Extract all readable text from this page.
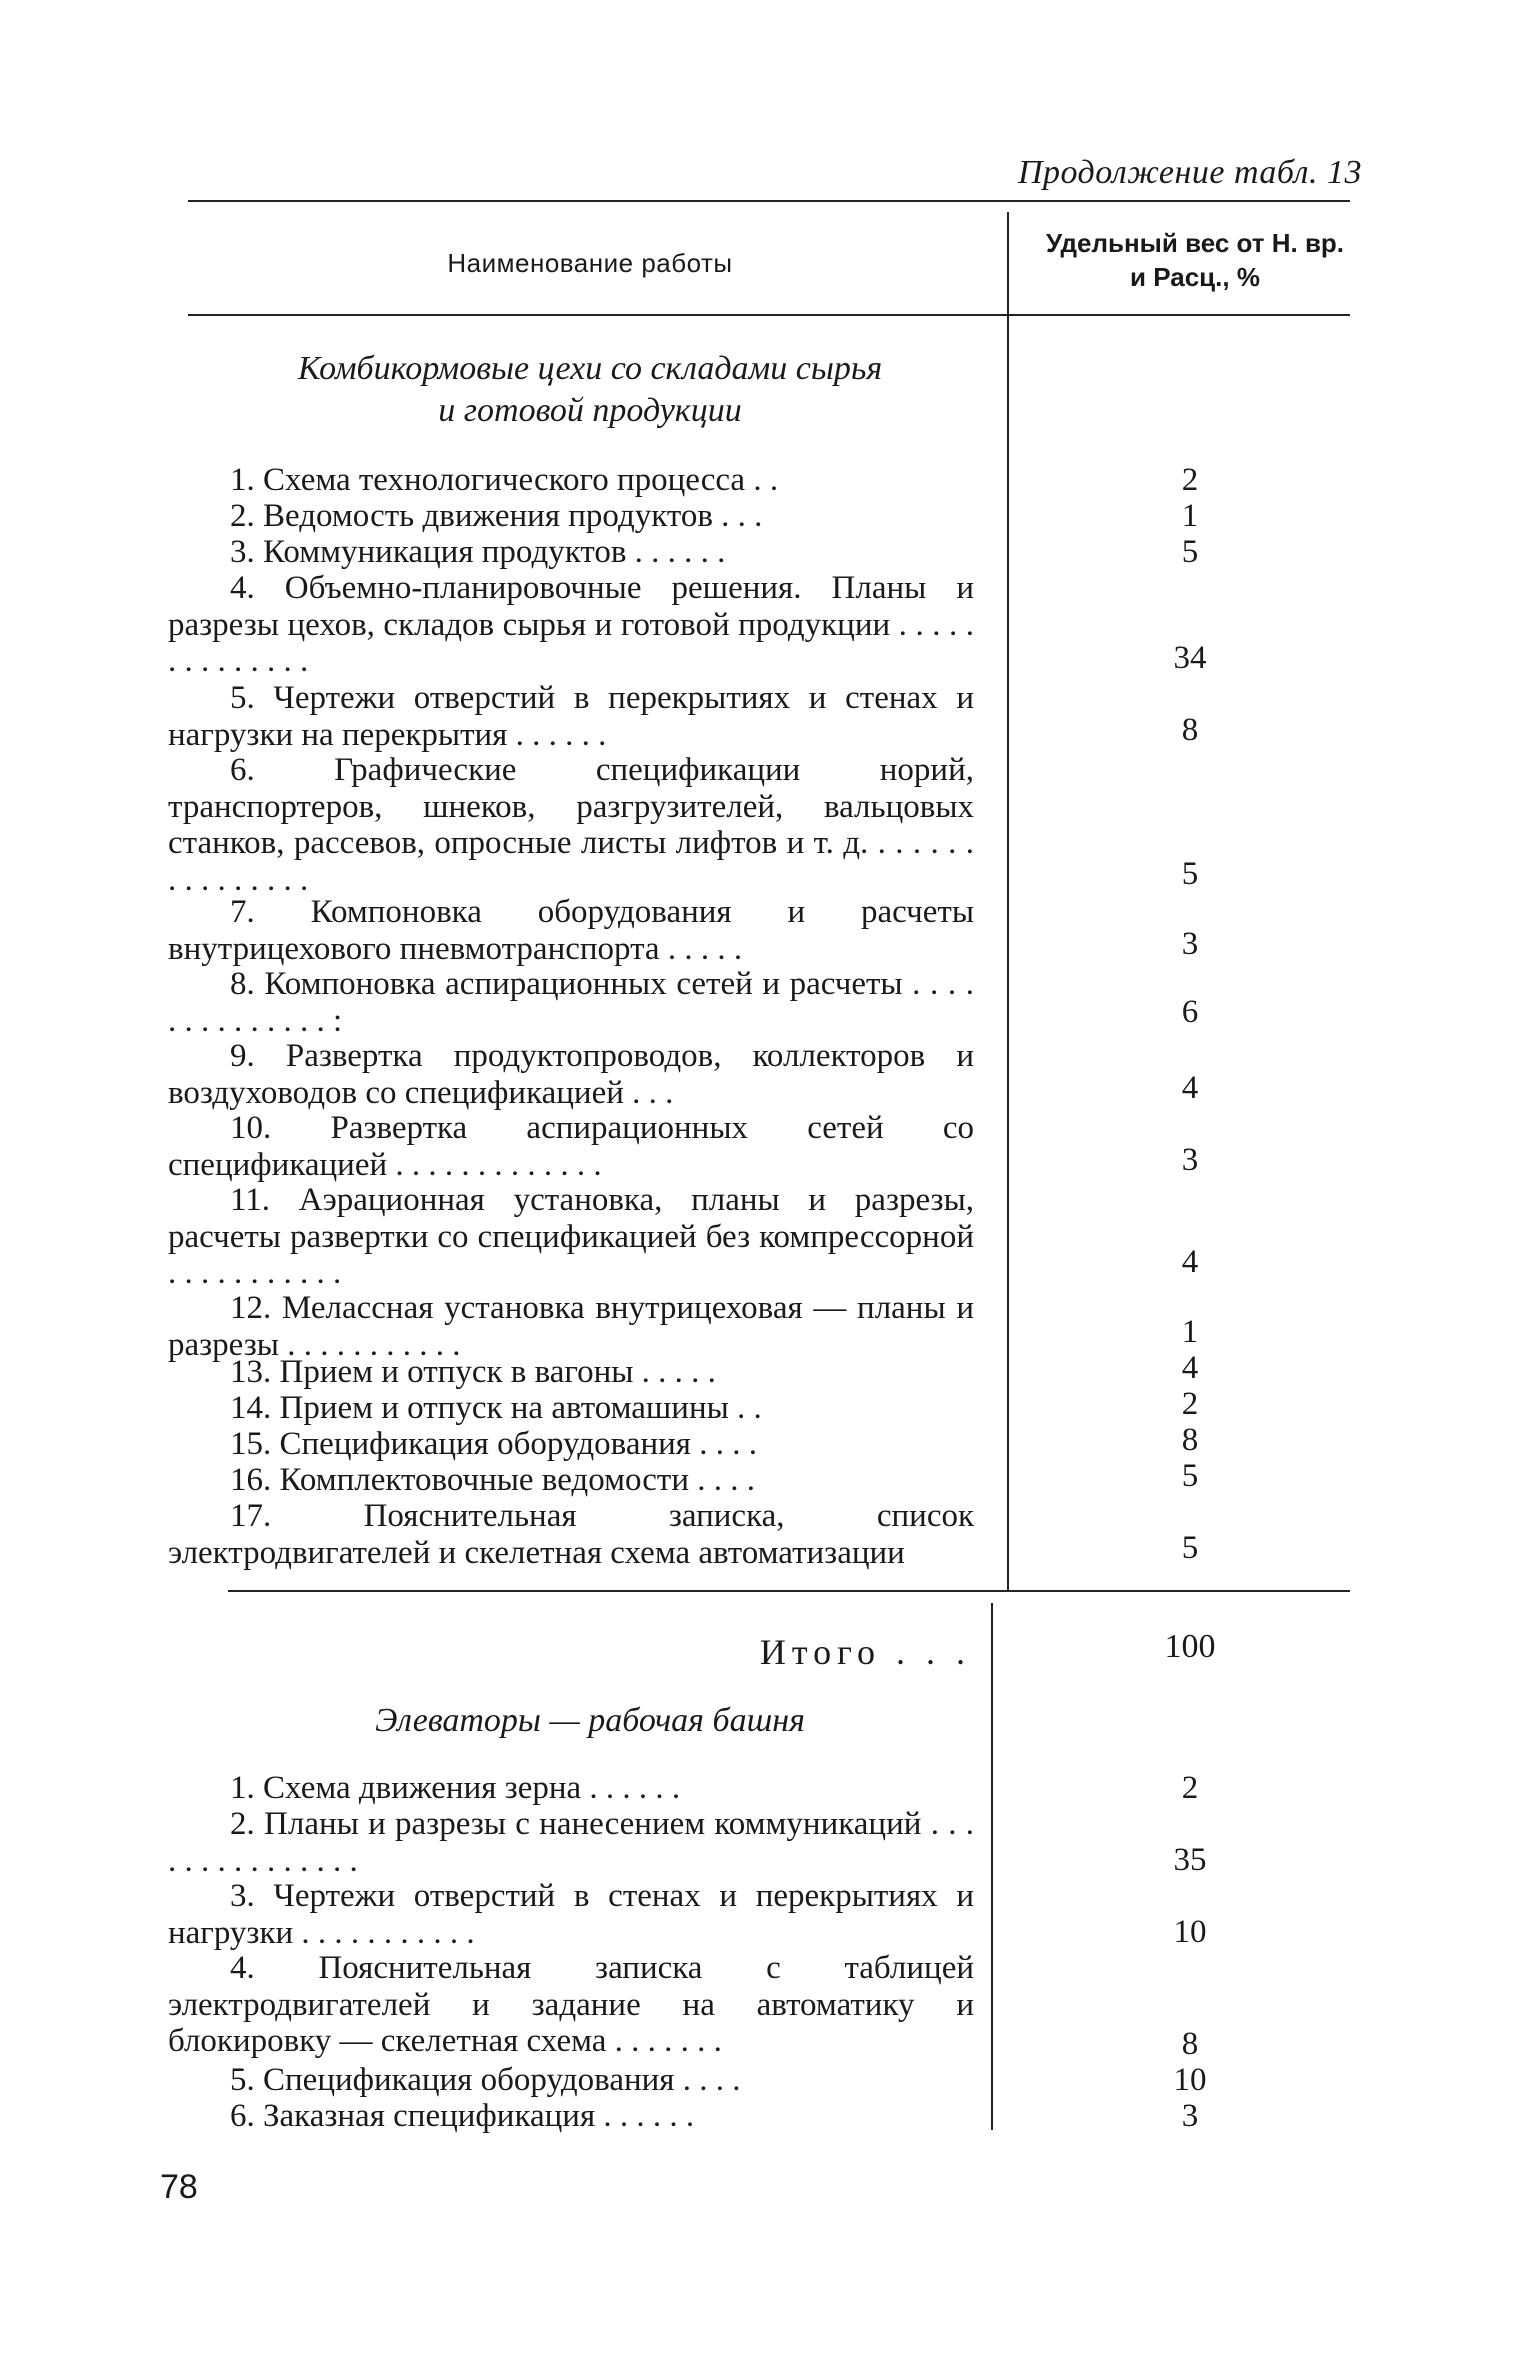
Продолжение табл. 13
Наименование работы
Удельный вес от Н. вр. и Расц., %
Комбикормовые цехи со складами сырья
и готовой продукции
1. Схема технологического процесса . .	2
2. Ведомость движения продуктов . . .	1
3. Коммуникация продуктов . . . . . .	5
4. Объемно-планировочные решения. Планы и разрезы цехов, складов сырья и готовой продукции . . . . . . . . . . . . . .	34
5. Чертежи отверстий в перекрытиях и стенах и нагрузки на перекрытия . . . . . .	8
6. Графические спецификации норий, транспортеров, шнеков, разгрузителей, вальцовых станков, рассевов, опросные листы лифтов и т. д. . . . . . . . . . . . . . . .	5
7. Компоновка оборудования и расчеты внутрицехового пневмотранспорта . . . . .	3
8. Компоновка аспирационных сетей и расчеты . . . . . . . . . . . . . . :	6
9. Развертка продуктопроводов, коллекторов и воздуховодов со спецификацией . . .	4
10. Развертка аспирационных сетей со спецификацией . . . . . . . . . . . . .	3
11. Аэрационная установка, планы и разрезы, расчеты развертки со спецификацией без компрессорной . . . . . . . . . . .	4
12. Мелассная установка внутрицеховая — планы и разрезы . . . . . . . . . . .	1
13. Прием и отпуск в вагоны . . . . .	4
14. Прием и отпуск на автомашины . .	2
15. Спецификация оборудования . . . .	8
16. Комплектовочные ведомости . . . .	5
17. Пояснительная записка, список электродвигателей и скелетная схема автоматизации	5
Итого . . .	100
Элеваторы — рабочая башня
1. Схема движения зерна . . . . . .	2
2. Планы и разрезы с нанесением коммуникаций . . . . . . . . . . . . . . .	35
3. Чертежи отверстий в стенах и перекрытиях и нагрузки . . . . . . . . . . .	10
4. Пояснительная записка с таблицей электродвигателей и задание на автоматику и блокировку — скелетная схема . . . . . . .	8
5. Спецификация оборудования . . . .	10
6. Заказная спецификация . . . . . .	3
78
